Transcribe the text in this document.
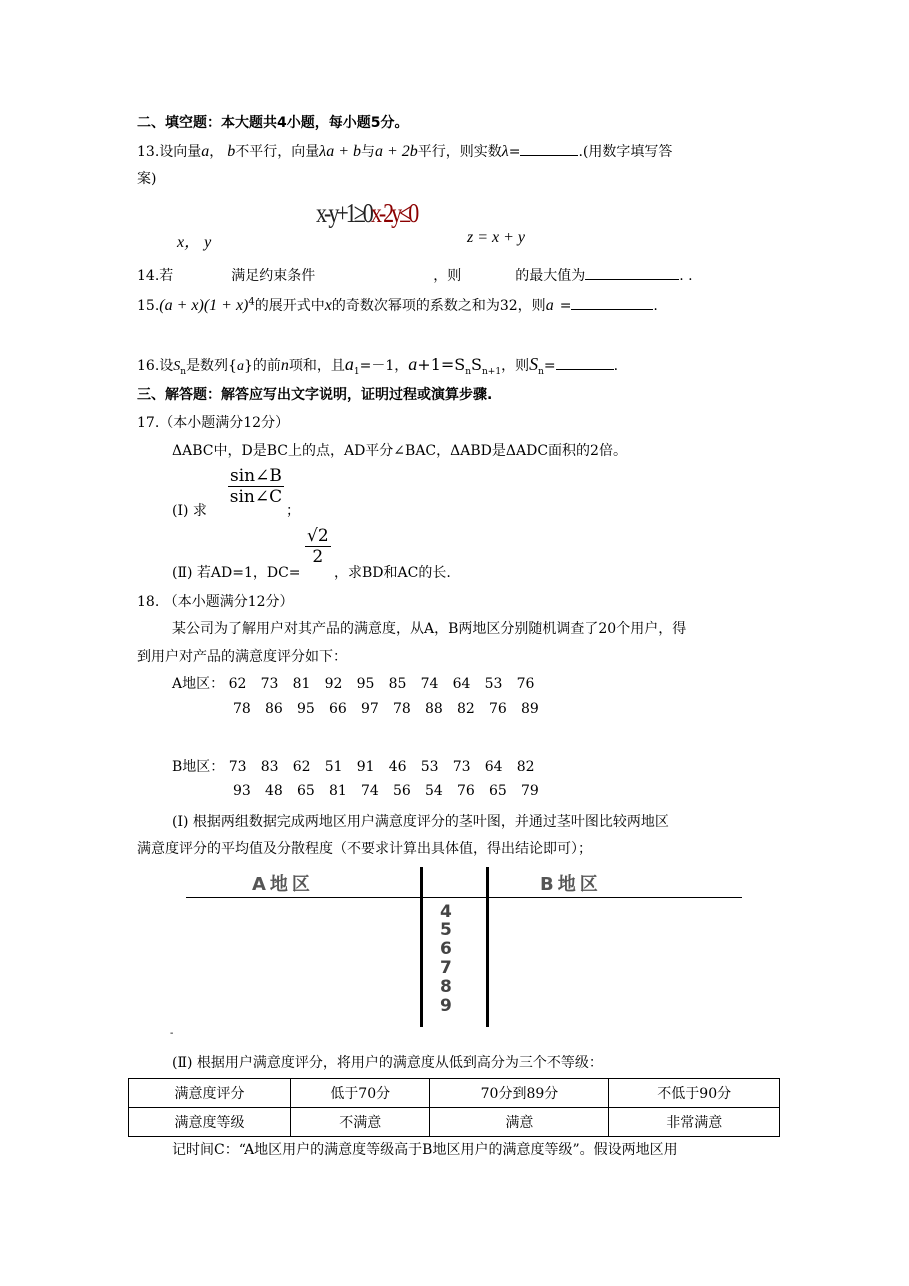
二、填空题：本大题共4小题，每小题5分。
13.设向量a， b不平行，向量λa + b与a + 2b平行，则实数λ=	.(用数字填写答
案)
x， y
x-y+1≥0x-2y≤0
z = x + y
14.若	满足约束条件	，则	的最大值为	. .
$15.(a + x)(1 + x)^4$的展开式中x的奇数次幂项的系数之和为32，则a =	.
16.设$S_n$是数列{a}的前n项和，且$a_1=-1$，$a+1=S_nS_{n+1}$，则$S_n=$	.
三、解答题：解答应写出文字说明，证明过程或演算步骤.
17.（本小题满分12分）
ΔABC中，D是BC上的点，AD平分∠BAC，ΔABD是ΔADC面积的2倍。
$\frac{\sin\angle B}{\sin\angle C}$
(Ⅰ) 求	；
$\frac{√2}{2}$
(Ⅱ) 若AD=1，DC= ，求BD和AC的长.
18. （本小题满分12分）
某公司为了解用户对其产品的满意度，从A，B两地区分别随机调查了20个用户，得
到用户对产品的满意度评分如下：
A地区： 62 73 81 92 95 85 74 64 53 76
78 86 95 66 97 78 88 82 76 89
B地区： 73 83 62 51 91 46 53 73 64 82
93 48 65 81 74 56 54 76 65 79
(Ⅰ) 根据两组数据完成两地区用户满意度评分的茎叶图，并通过茎叶图比较两地区
满意度评分的平均值及分散程度（不要求计算出具体值，得出结论即可）；
A地区	B地区
4
5
6
7
8
9
-
(Ⅱ) 根据用户满意度评分，将用户的满意度从低到高分为三个不等级：
满意度评分	低于70分	70分到89分	不低于90分
满意度等级	不满意	满意	非常满意
记时间C：“A地区用户的满意度等级高于B地区用户的满意度等级”。假设两地区用
